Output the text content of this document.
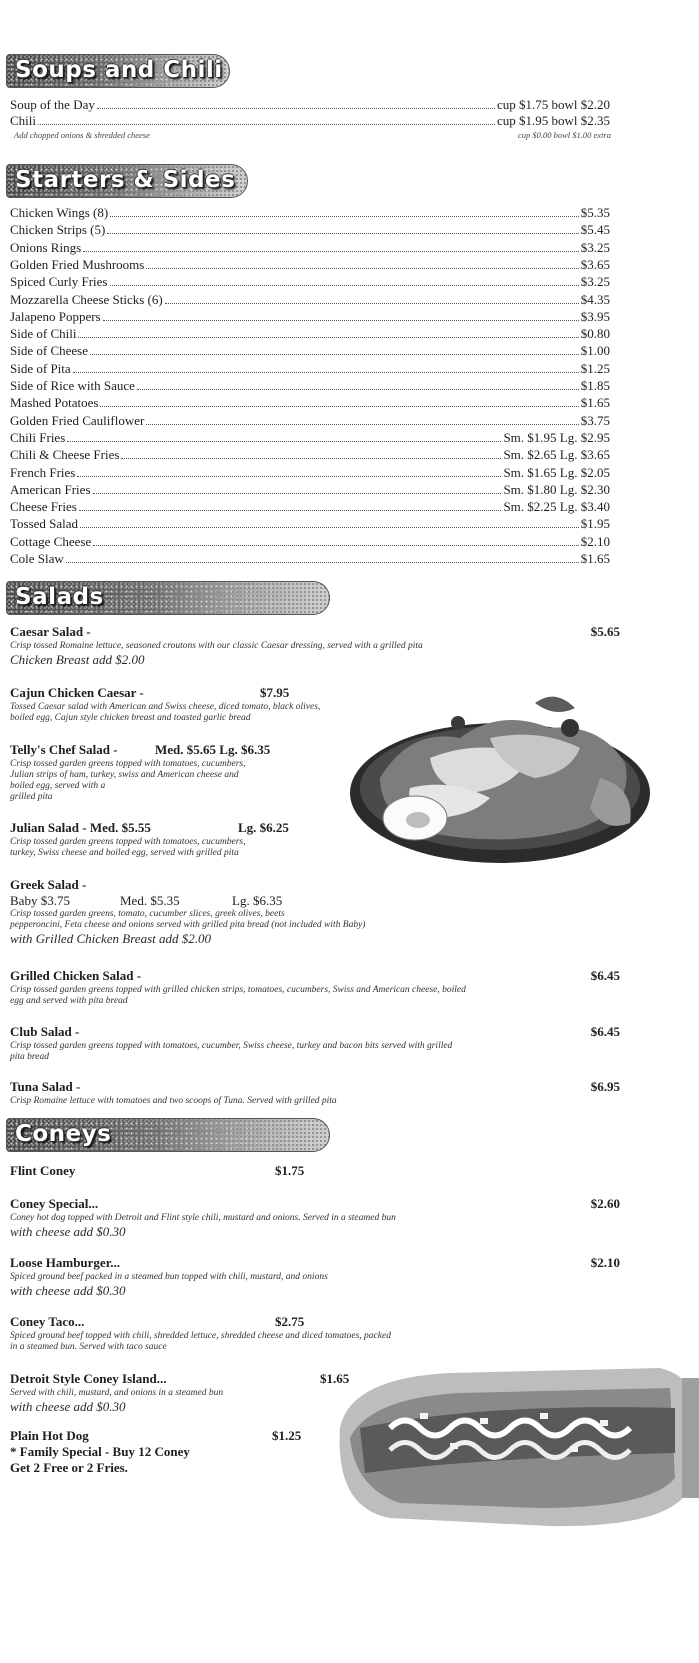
Soups and Chili
Soup of the Day	cup $1.75 bowl $2.20
Chili	cup $1.95 bowl $2.35
Add chopped onions & shredded cheese	cup $0.00 bowl $1.00 extra
Starters & Sides
Chicken Wings (8)	$5.35
Chicken Strips (5)	$5.45
Onions Rings	$3.25
Golden Fried Mushrooms	$3.65
Spiced Curly Fries	$3.25
Mozzarella Cheese Sticks (6)	$4.35
Jalapeno Poppers	$3.95
Side of Chili	$0.80
Side of Cheese	$1.00
Side of Pita	$1.25
Side of Rice with Sauce	$1.85
Mashed Potatoes	$1.65
Golden Fried Cauliflower	$3.75
Chili Fries	Sm. $1.95 Lg. $2.95
Chili & Cheese Fries	Sm. $2.65 Lg. $3.65
French Fries	Sm. $1.65 Lg. $2.05
American Fries	Sm. $1.80 Lg. $2.30
Cheese Fries	Sm. $2.25 Lg. $3.40
Tossed Salad	$1.95
Cottage Cheese	$2.10
Cole Slaw	$1.65
Salads
Caesar Salad -	$5.65
Crisp tossed Romaine lettuce, seasoned croutons with our classic Caesar dressing, served with a grilled pita
Chicken Breast add $2.00
Cajun Chicken Caesar -	$7.95
Tossed Caesar salad with American and Swiss cheese, diced tomato, black olives,
boiled egg, Cajun style chicken breast and toasted garlic bread
Telly's Chef Salad -	Med. $5.65 Lg. $6.35
Crisp tossed garden greens topped with tomatoes, cucumbers,
Julian strips of ham, turkey, swiss and American cheese and
boiled egg, served with a
grilled pita
Julian Salad - Med. $5.55	Lg. $6.25
Crisp tossed garden greens topped with tomatoes, cucumbers,
turkey, Swiss cheese and boiled egg, served with grilled pita
Greek Salad -
Baby $3.75	Med. $5.35	Lg. $6.35
Crisp tossed garden greens, tomato, cucumber slices, greek olives, beets
pepperoncini, Feta cheese and onions served with grilled pita bread (not included with Baby)
with Grilled Chicken Breast add $2.00
Grilled Chicken Salad -	$6.45
Crisp tossed garden greens topped with grilled chicken strips, tomatoes, cucumbers, Swiss and American cheese, boiled
egg and served with pita bread
Club Salad -	$6.45
Crisp tossed garden greens topped with tomatoes, cucumber, Swiss cheese, turkey and bacon bits served with grilled
pita bread
Tuna Salad -	$6.95
Crisp Romaine lettuce with tomatoes and two scoops of Tuna. Served with grilled pita
Coneys
Flint Coney	$1.75
Coney Special...	$2.60
Coney hot dog topped with Detroit and Flint style chili, mustard and onions. Served in a steamed bun
with cheese add $0.30
Loose Hamburger...	$2.10
Spiced ground beef packed in a steamed bun topped with chili, mustard, and onions
with cheese add $0.30
Coney Taco...	$2.75
Spiced ground beef topped with chili, shredded lettuce, shredded cheese and diced tomatoes, packed
in a steamed bun. Served with taco sauce
Detroit Style Coney Island...	$1.65
Served with chili, mustard, and onions in a steamed bun
with cheese add $0.30
Plain Hot Dog	$1.25
* Family Special - Buy 12 Coney
Get 2 Free or 2 Fries.
